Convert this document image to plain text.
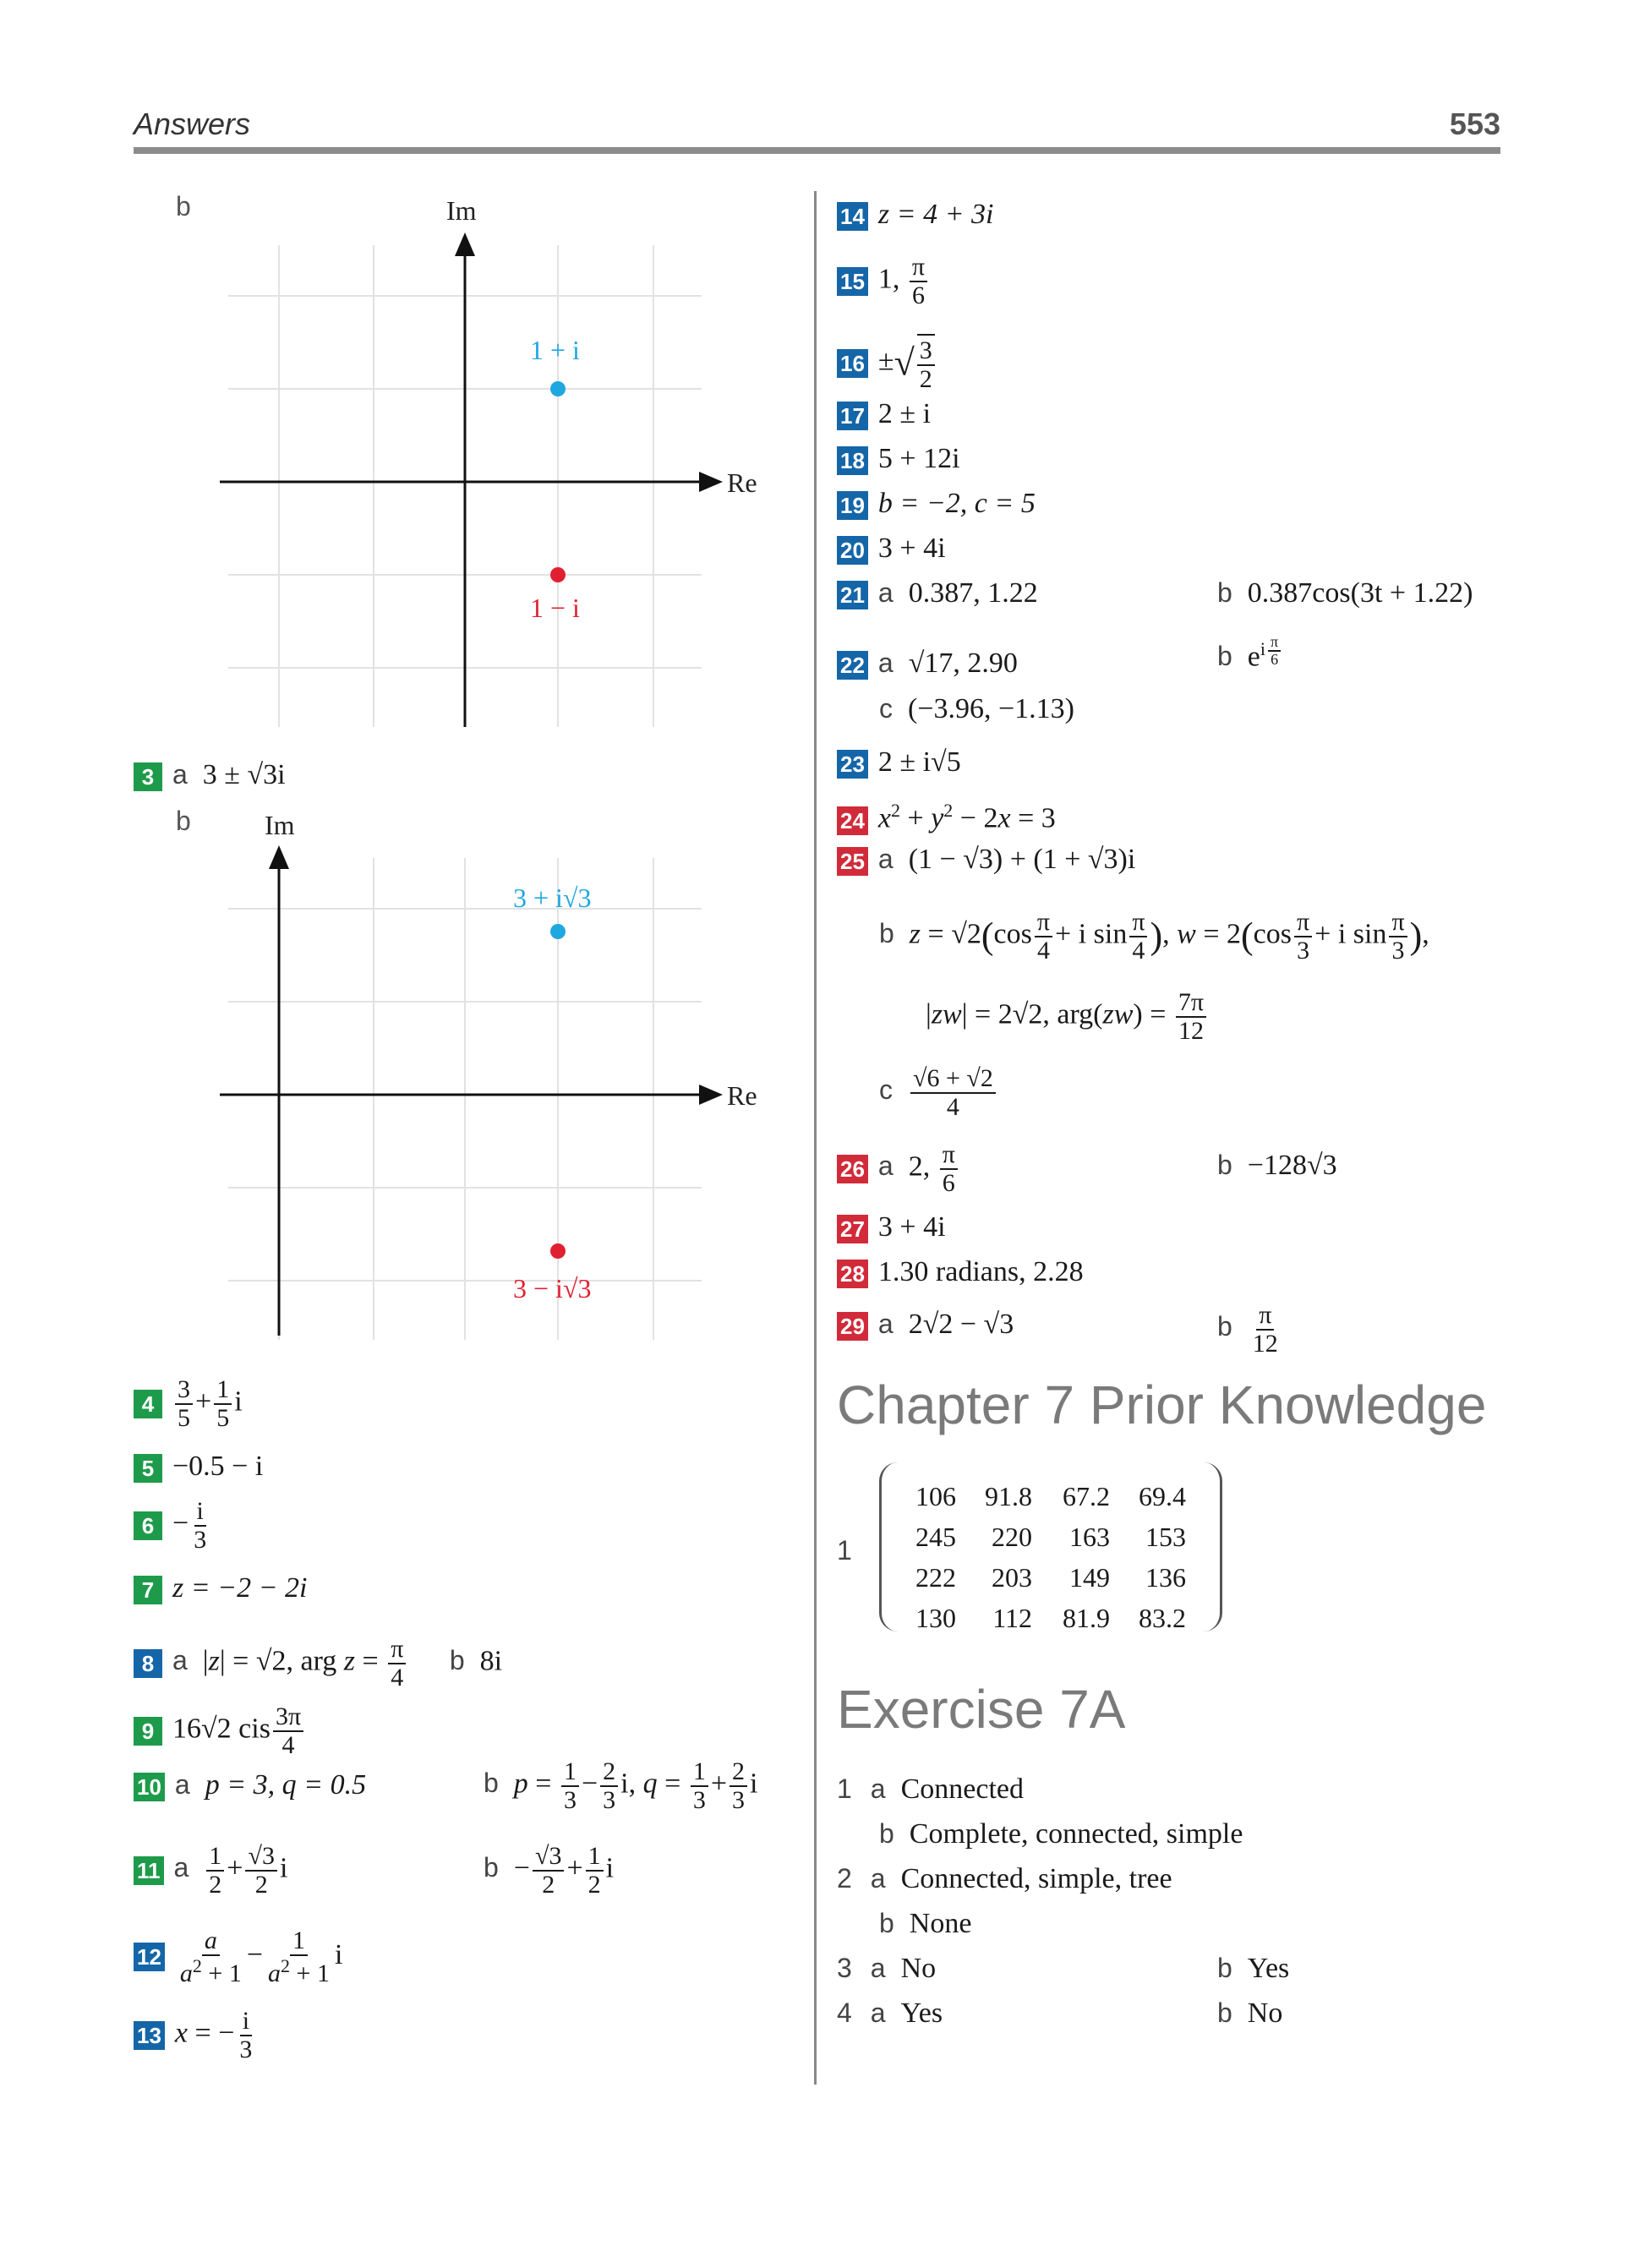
Answers	553
b	Im
Re
1 + i
1 − i
3 a 3 ± √3i
b	Im
Re
3 + i√3
3 − i√3
$4 \frac{3}{5} + \frac{1}{5}$ i
5 −0.5 − i
$6 - \frac{i}{3}$
7 z = −2 − 2i
8 a |z| = √2, arg $z = \frac{\pi}{4}$ b 8i
9 16√2 cis $\frac{3\pi}{4}$
10 a p = 3, q = 0.5	b $p = \frac{1}{3} - \frac{2}{3} i$, $q = \frac{1}{3} + \frac{2}{3}$ i
11 a $\frac{1}{2} + \frac{√3}{2}$ i	$b - \frac{√3}{2} + \frac{1}{2}$ i
$12 \frac{a}{a^2 + 1} - \frac{1}{a^2 + 1}$ i
13 x = − $\frac{i}{3}$
14 z = 4 + 3i
15 1, $\frac{\pi}{6}$
16 ±√ $\frac{3}{2}$
17 2 ± i
18 5 + 12i
19 b = −2, c = 5
20 3 + 4i
21 a 0.387, 1.22	b 0.387cos(3t + 1.22)
22 a √17, 2.90	b $e^{i \frac{\pi}{6}}$
c (−3.96, −1.13)
23 2 ± i√5
24 $x^2 + y^2 - 2x = 3$
25 a (1 − √3) + (1 + √3)i
b $z = √2(\cos \frac{\pi}{4} + i$ $\sin \frac{\pi}{4}$ ), $w = 2(\cos \frac{\pi}{3} + i$ $\sin \frac{\pi}{3}$ ),
|zw| = 2√2, $arg(zw) = \frac{7\pi}{12}$
c $\frac{√6 + √2}{4}$
26 a 2, $\frac{\pi}{6}$	b −128√3
27 3 + 4i
28 1.30 radians, 2.28
29 a 2√2 − √3	b $\frac{\pi}{12}$
Chapter 7 Prior Knowledge
1
106	91.8	67.2	69.4
245	220	163	153
222	203	149	136
130	112	81.9	83.2
Exercise 7A
1 a Connected
b Complete, connected, simple
2 a Connected, simple, tree
b None
3 a No	b Yes
4 a Yes	b No
